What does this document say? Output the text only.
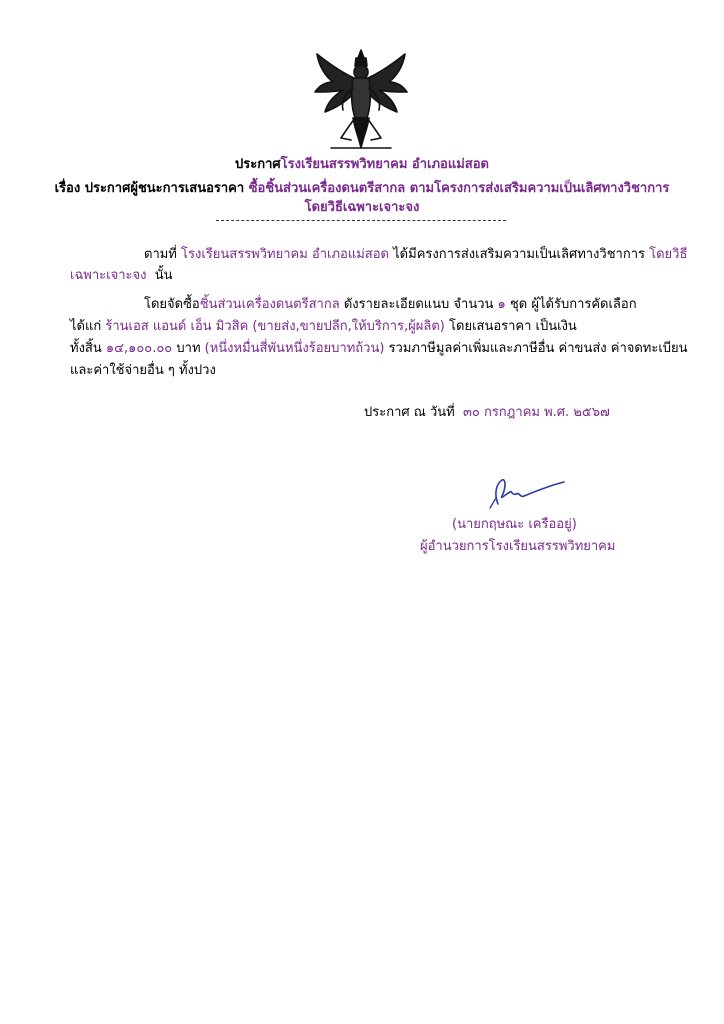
ประกาศโรงเรียนสรรพวิทยาคม อำเภอแม่สอด
เรื่อง ประกาศผู้ชนะการเสนอราคา ซื้อชิ้นส่วนเครื่องดนตรีสากล ตามโครงการส่งเสริมความเป็นเลิศทางวิชาการ
โดยวิธีเฉพาะเจาะจง
ตามที่ โรงเรียนสรรพวิทยาคม อำเภอแม่สอด ได้มีครงการส่งเสริมความเป็นเลิศทางวิชาการ โดยวิธี
เฉพาะเจาะจง นั้น
โดยจัดซื้อชิ้นส่วนเครื่องดนตรีสากล ดังรายละเอียดแนบ จำนวน ๑ ชุด ผู้ได้รับการคัดเลือก
ได้แก่ ร้านเอส แอนด์ เอ็น มิวสิค (ขายส่ง,ขายปลีก,ให้บริการ,ผู้ผลิต) โดยเสนอราคา เป็นเงิน
ทั้งสิ้น ๑๔,๑๐๐.๐๐ บาท (หนึ่งหมื่นสี่พันหนึ่งร้อยบาทถ้วน) รวมภาษีมูลค่าเพิ่มและภาษีอื่น ค่าขนส่ง ค่าจดทะเบียน
และค่าใช้จ่ายอื่น ๆ ทั้งปวง
ประกาศ ณ วันที่ ๓๐ กรกฎาคม พ.ศ. ๒๕๖๗
(นายกฤษณะ เครืออยู่)
ผู้อำนวยการโรงเรียนสรรพวิทยาคม
